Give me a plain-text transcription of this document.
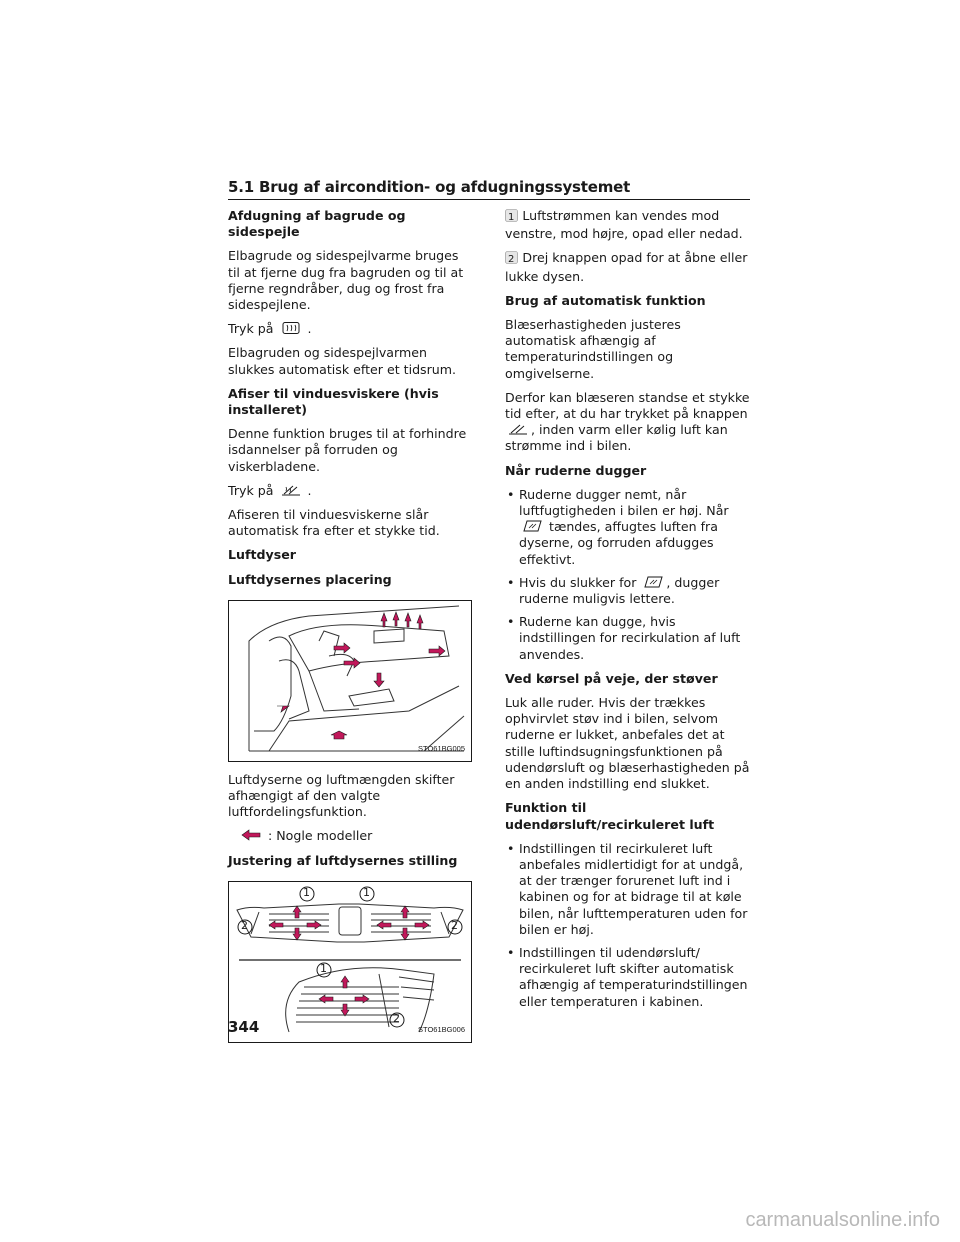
5.1 Brug af aircondition- og afdugningssystemet
Afdugning af bagrude og sidespejle

Elbagrude og sidespejlvarme bruges til at fjerne dug fra bagruden og til at fjerne regndråber, dug og frost fra sidespejlene.

Tryk på	.

Elbagruden og sidespejlvarmen slukkes automatisk efter et tidsrum.

Afiser til vinduesviskere (hvis installeret)

Denne funktion bruges til at forhindre isdannelser på forruden og viskerbladene.

Tryk på	.

Afiseren til vinduesviskerne slår automatisk fra efter et stykke tid.

Luftdyser
Luftdysernes placering
STO61BG005

Luftdyserne og luftmængden skifter afhængigt af den valgte luftfordelingsfunktion.

: Nogle modeller

Justering af luftdysernes stilling
1	1
2	2
1
2
STO61BG006

1 Luftstrømmen kan vendes mod venstre, mod højre, opad eller nedad.

2 Drej knappen opad for at åbne eller lukke dysen.

Brug af automatisk funktion

Blæserhastigheden justeres automatisk afhængig af temperaturindstillingen og omgivelserne.

Derfor kan blæseren standse et stykke tid efter, at du har trykket på knappen , inden varm eller kølig luft kan strømme ind i bilen.

Når ruderne dugger
• Ruderne dugger nemt, når luftfugtigheden i bilen er høj. Når  tændes, affugtes luften fra dyserne, og forruden afdugges effektivt.
• Hvis du slukker for , dugger ruderne muligvis lettere.
• Ruderne kan dugge, hvis indstillingen for recirkulation af luft anvendes.
Ved kørsel på veje, der støver

Luk alle ruder. Hvis der trækkes ophvirvlet støv ind i bilen, selvom ruderne er lukket, anbefales det at stille luftindsugningsfunktionen på udendørsluft og blæserhastigheden på en anden indstilling end slukket.

Funktion til udendørsluft/recirkuleret luft
• Indstillingen til recirkuleret luft anbefales midlertidigt for at undgå, at der trænger forurenet luft ind i kabinen og for at bidrage til at køle bilen, når lufttemperaturen uden for bilen er høj.
• Indstillingen til udendørsluft/ recirkuleret luft skifter automatisk afhængig af temperaturindstillingen eller temperaturen i kabinen.
344
carmanualsonline.info
